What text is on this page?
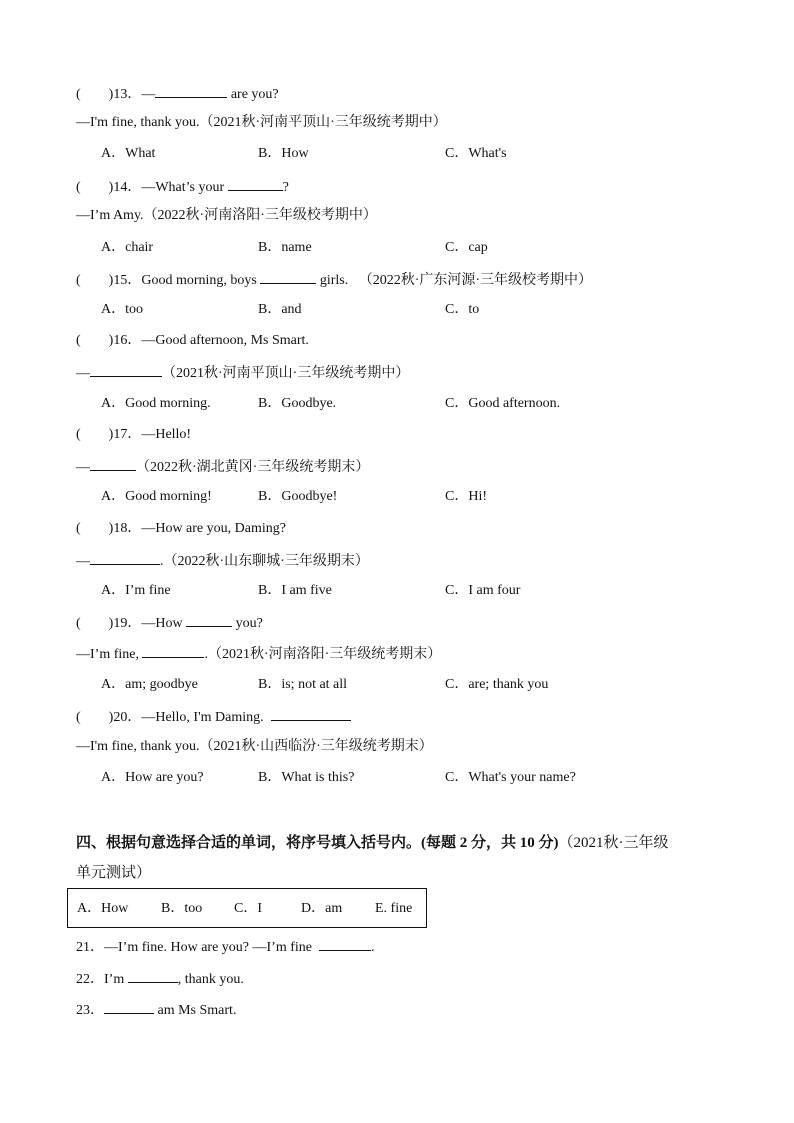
(　　)13．—	are you?
—I'm fine, thank you.（2021秋·河南平顶山·三年级统考期中）
A．What	B．How	C．What's
(　　)14．—What’s your	?
—I’m Amy.（2022秋·河南洛阳·三年级校考期中）
A．chair	B．name	C．cap
(　　)15．Good morning, boys	girls. （2022秋·广东河源·三年级校考期中）
A．too	B．and	C．to
(　　)16．—Good afternoon, Ms Smart.
—	（2021秋·河南平顶山·三年级统考期中）
A．Good morning.	B．Goodbye.	C．Good afternoon.
(　　)17．—Hello!
—	（2022秋·湖北黄冈·三年级统考期末）
A．Good morning!	B．Goodbye!	C．Hi!
(　　)18．—How are you, Daming?
—	.（2022秋·山东聊城·三年级期末）
A．I’m fine	B．I am five	C．I am four
(　　)19．—How	you?
—I’m fine,	.（2021秋·河南洛阳·三年级统考期末）
A．am; goodbye	B．is; not at all	C．are; thank you
(　　)20．—Hello, I'm Daming.
—I'm fine, thank you.（2021秋·山西临汾·三年级统考期末）
A．How are you?	B．What is this?	C．What's your name?
四、根据句意选择合适的单词，将序号填入括号内。(每题 2 分，共 10 分)（2021秋·三年级
单元测试）
A．How B．too C．I	D．am E. fine
21．—I’m fine. How are you? —I’m fine	.
22．I’m	, thank you.
23．	am Ms Smart.
